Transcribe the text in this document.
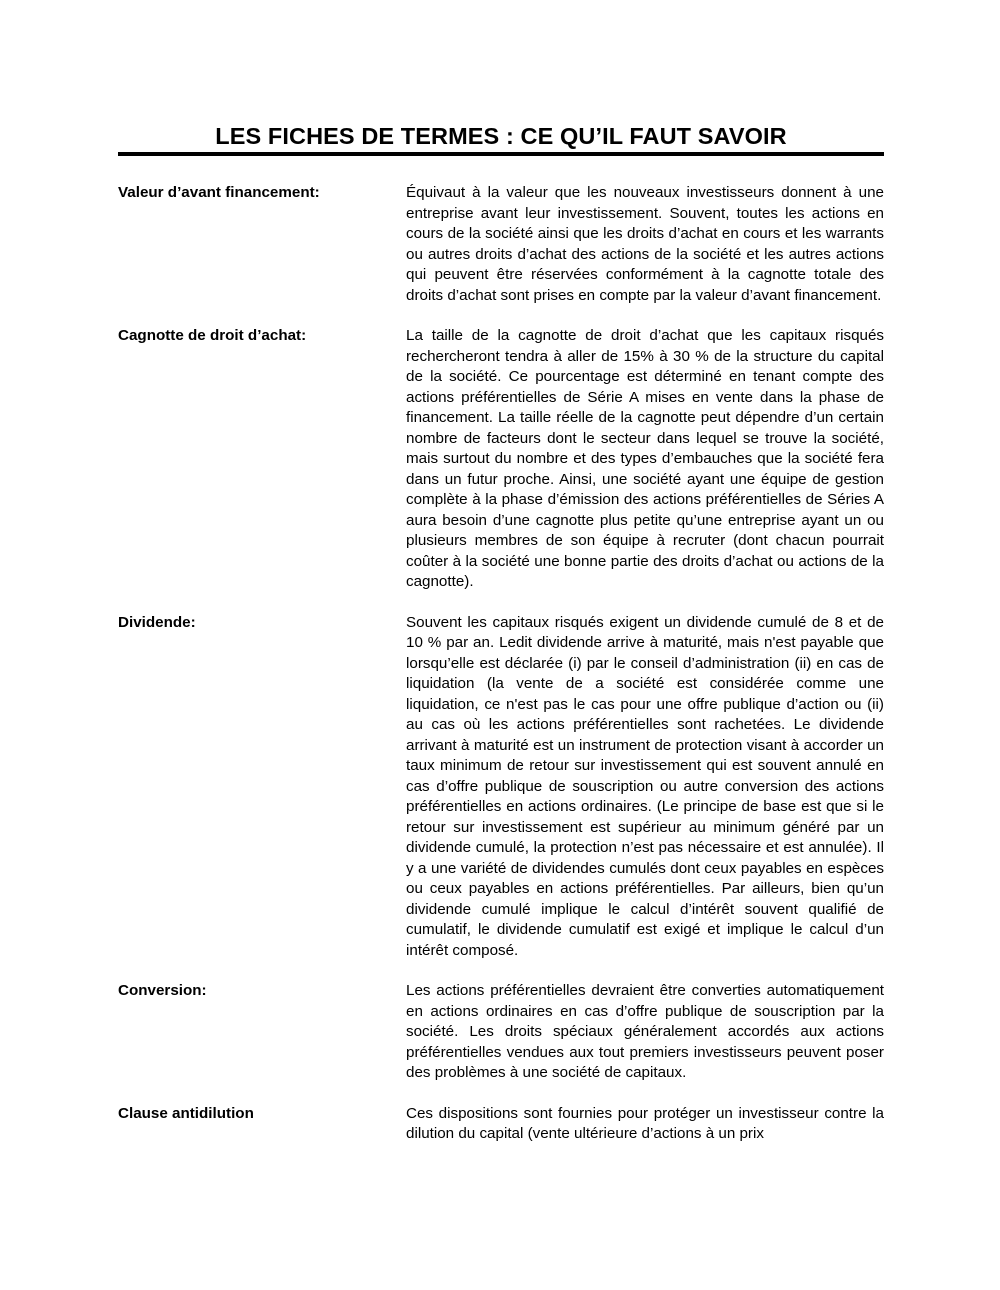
LES FICHES DE TERMES : CE QU’IL FAUT SAVOIR
Valeur d’avant financement:	Équivaut à la valeur que les nouveaux investisseurs donnent à une entreprise avant leur investissement. Souvent, toutes les actions en cours de la société ainsi que les droits d’achat en cours et les warrants ou autres droits d’achat des actions de la société et les autres actions qui peuvent être réservées conformément à la cagnotte totale des droits d’achat sont prises en compte par la valeur d’avant financement.

Cagnotte de droit d’achat:	La taille de la cagnotte de droit d’achat que les capitaux risqués rechercheront tendra à aller de 15% à 30 % de la structure du capital de la société. Ce pourcentage est déterminé en tenant compte des actions préférentielles de Série A mises en vente dans la phase de financement. La taille réelle de la cagnotte peut dépendre d’un certain nombre de facteurs dont le secteur dans lequel se trouve la société, mais surtout du nombre et des types d’embauches que la société fera dans un futur proche. Ainsi, une société ayant une équipe de gestion complète à la phase d’émission des actions préférentielles de Séries A aura besoin d’une cagnotte plus petite qu’une entreprise ayant un ou plusieurs membres de son équipe à recruter (dont chacun pourrait coûter à la société une bonne partie des droits d’achat ou actions de la cagnotte).

Dividende:	Souvent les capitaux risqués exigent un dividende cumulé de 8 et de 10 % par an. Ledit dividende arrive à maturité, mais n'est payable que lorsqu’elle est déclarée (i) par le conseil d’administration (ii) en cas de liquidation (la vente de a société est considérée comme une liquidation, ce n'est pas le cas pour une offre publique d’action ou (ii) au cas où les actions préférentielles sont rachetées. Le dividende arrivant à maturité est un instrument de protection visant à accorder un taux minimum de retour sur investissement qui est souvent annulé en cas d’offre publique de souscription ou autre conversion des actions préférentielles en actions ordinaires. (Le principe de base est que si le retour sur investissement est supérieur au minimum généré par un dividende cumulé, la protection n’est pas nécessaire et est annulée). Il y a une variété de dividendes cumulés dont ceux payables en espèces ou ceux payables en actions préférentielles. Par ailleurs, bien qu’un dividende cumulé implique le calcul d’intérêt souvent qualifié de cumulatif, le dividende cumulatif est exigé et implique le calcul d’un intérêt composé.

Conversion:	Les actions préférentielles devraient être converties automatiquement en actions ordinaires en cas d’offre publique de souscription par la société. Les droits spéciaux généralement accordés aux actions préférentielles vendues aux tout premiers investisseurs peuvent poser des problèmes à une société de capitaux.

Clause antidilution	Ces dispositions sont fournies pour protéger un investisseur contre la dilution du capital (vente ultérieure d’actions à un prix
